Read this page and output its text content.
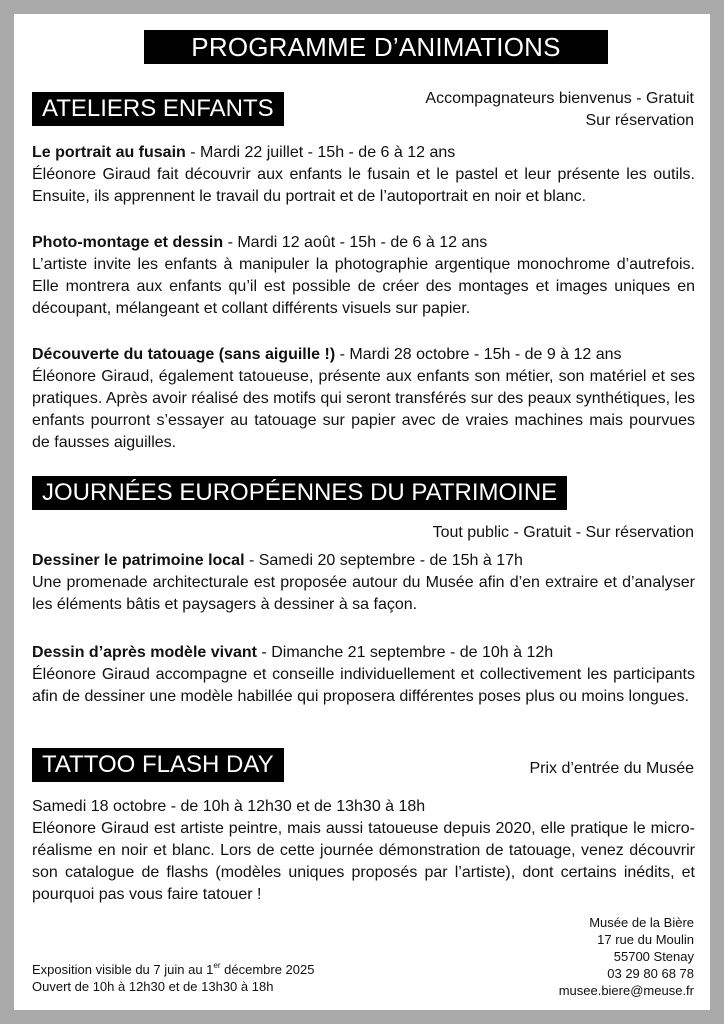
PROGRAMME D’ANIMATIONS
ATELIERS ENFANTS	Accompagnateurs bienvenus - Gratuit
Sur réservation
Le portrait au fusain - Mardi 22 juillet - 15h - de 6 à 12 ans
Éléonore Giraud fait découvrir aux enfants le fusain et le pastel et leur présente les outils. Ensuite, ils apprennent le travail du portrait et de l’autoportrait en noir et blanc.
Photo-montage et dessin - Mardi 12 août - 15h - de 6 à 12 ans
L’artiste invite les enfants à manipuler la photographie argentique monochrome d’autrefois. Elle montrera aux enfants qu’il est possible de créer des montages et images uniques en découpant, mélangeant et collant différents visuels sur papier.
Découverte du tatouage (sans aiguille !) - Mardi 28 octobre - 15h - de 9 à 12 ans
Éléonore Giraud, également tatoueuse, présente aux enfants son métier, son matériel et ses pratiques. Après avoir réalisé des motifs qui seront transférés sur des peaux synthétiques, les enfants pourront s’essayer au tatouage sur papier avec de vraies machines mais pourvues de fausses aiguilles.
JOURNÉES EUROPÉENNES DU PATRIMOINE
Tout public - Gratuit - Sur réservation
Dessiner le patrimoine local - Samedi 20 septembre - de 15h à 17h
Une promenade architecturale est proposée autour du Musée afin d’en extraire et d’analyser les éléments bâtis et paysagers à dessiner à sa façon.
Dessin d’après modèle vivant - Dimanche 21 septembre - de 10h à 12h
Éléonore Giraud accompagne et conseille individuellement et collectivement les participants afin de dessiner une modèle habillée qui proposera différentes poses plus ou moins longues.
TATTOO FLASH DAY	Prix d’entrée du Musée
Samedi 18 octobre - de 10h à 12h30 et de 13h30 à 18h
Eléonore Giraud est artiste peintre, mais aussi tatoueuse depuis 2020, elle pratique le micro-réalisme en noir et blanc. Lors de cette journée démonstration de tatouage, venez découvrir son catalogue de flashs (modèles uniques proposés par l’artiste), dont certains inédits, et pourquoi pas vous faire tatouer !
Exposition visible du 7 juin au 1er décembre 2025
Ouvert de 10h à 12h30 et de 13h30 à 18h
Musée de la Bière
17 rue du Moulin
55700 Stenay
03 29 80 68 78
musee.biere@meuse.fr
